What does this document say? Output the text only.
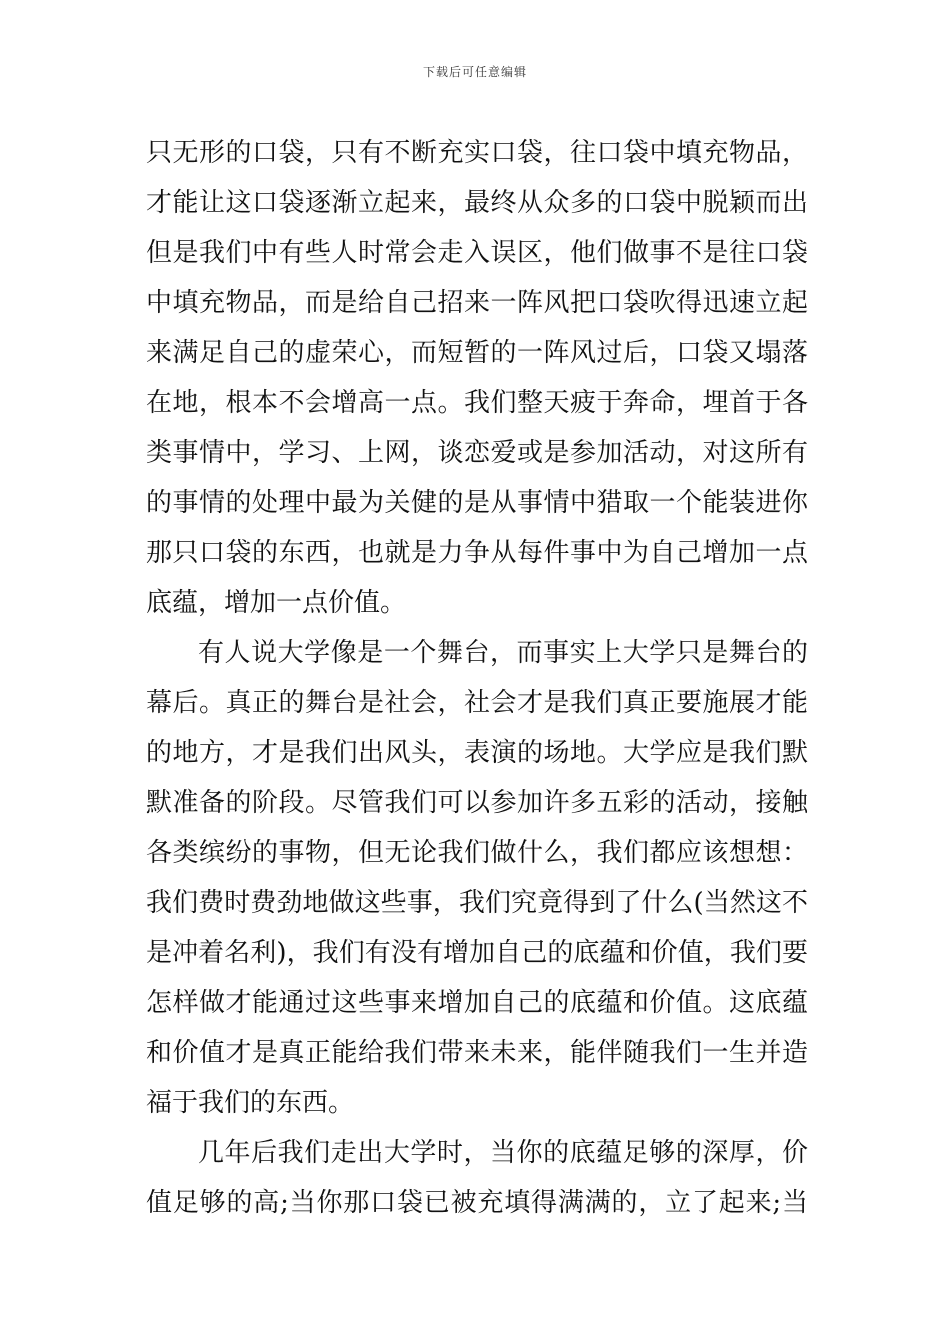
下载后可任意编辑
只无形的口袋，只有不断充实口袋，往口袋中填充物品，
才能让这口袋逐渐立起来，最终从众多的口袋中脱颖而出
但是我们中有些人时常会走入误区，他们做事不是往口袋
中填充物品，而是给自己招来一阵风把口袋吹得迅速立起
来满足自己的虚荣心，而短暂的一阵风过后，口袋又塌落
在地，根本不会增高一点。我们整天疲于奔命，埋首于各
类事情中，学习、上网，谈恋爱或是参加活动，对这所有
的事情的处理中最为关健的是从事情中猎取一个能装进你
那只口袋的东西，也就是力争从每件事中为自己增加一点
底蕴，增加一点价值。
有人说大学像是一个舞台，而事实上大学只是舞台的
幕后。真正的舞台是社会，社会才是我们真正要施展才能
的地方，才是我们出风头，表演的场地。大学应是我们默
默准备的阶段。尽管我们可以参加许多五彩的活动，接触
各类缤纷的事物，但无论我们做什么，我们都应该想想：
我们费时费劲地做这些事，我们究竟得到了什么(当然这不
是冲着名利)，我们有没有增加自己的底蕴和价值，我们要
怎样做才能通过这些事来增加自己的底蕴和价值。这底蕴
和价值才是真正能给我们带来未来，能伴随我们一生并造
福于我们的东西。
几年后我们走出大学时，当你的底蕴足够的深厚，价
值足够的高;当你那口袋已被充填得满满的，立了起来;当
